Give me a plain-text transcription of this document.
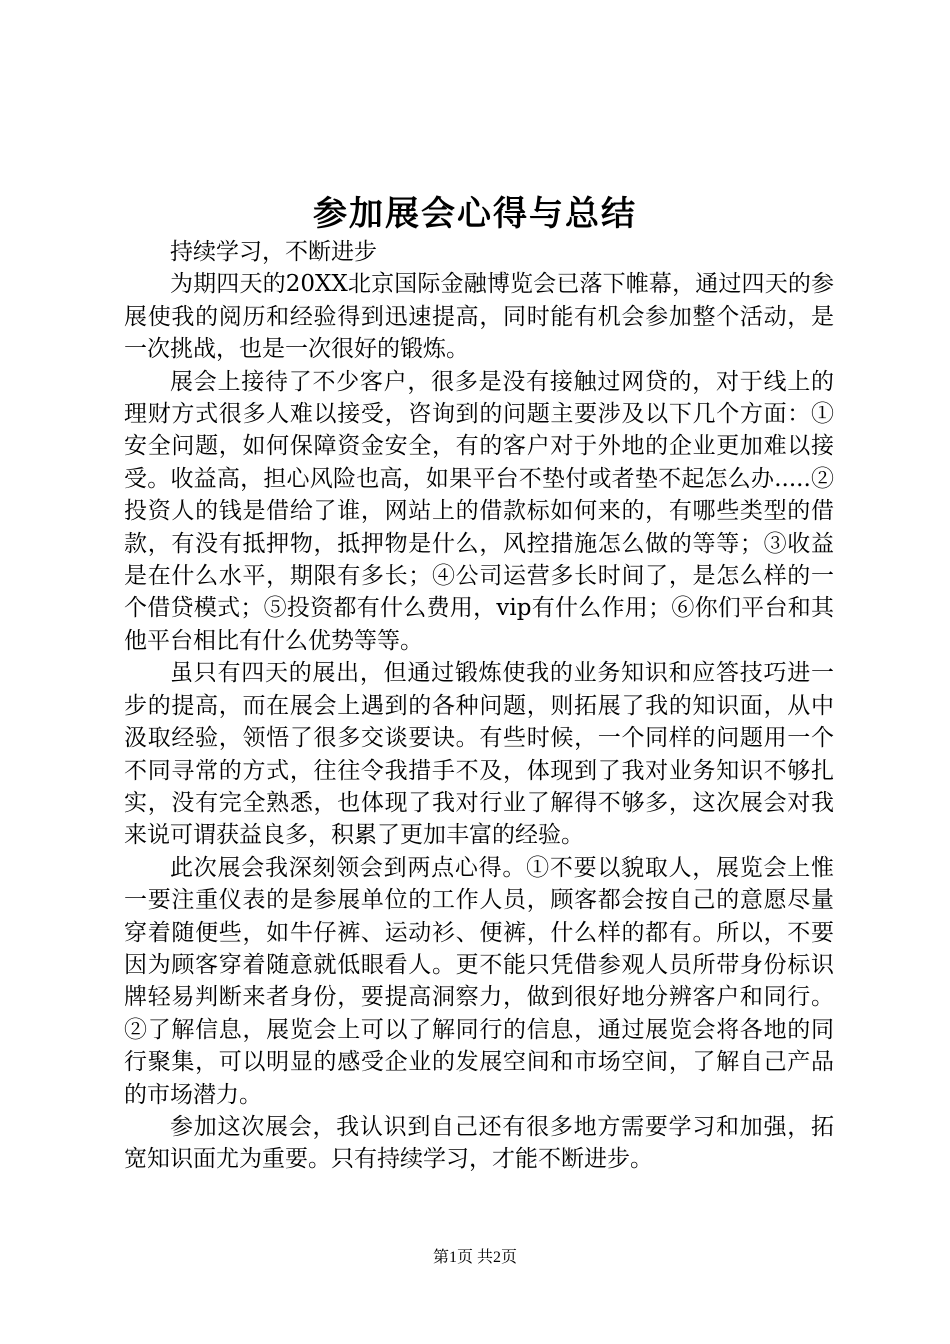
参加展会心得与总结

持续学习，不断进步

为期四天的20XX北京国际金融博览会已落下帷幕，通过四天的参展使我的阅历和经验得到迅速提高，同时能有机会参加整个活动，是一次挑战，也是一次很好的锻炼。

展会上接待了不少客户，很多是没有接触过网贷的，对于线上的理财方式很多人难以接受，咨询到的问题主要涉及以下几个方面：①安全问题，如何保障资金安全，有的客户对于外地的企业更加难以接受。收益高，担心风险也高，如果平台不垫付或者垫不起怎么办.....②投资人的钱是借给了谁，网站上的借款标如何来的，有哪些类型的借款，有没有抵押物，抵押物是什么，风控措施怎么做的等等；③收益是在什么水平，期限有多长；④公司运营多长时间了，是怎么样的一个借贷模式；⑤投资都有什么费用，vip有什么作用；⑥你们平台和其他平台相比有什么优势等等。

虽只有四天的展出，但通过锻炼使我的业务知识和应答技巧进一步的提高，而在展会上遇到的各种问题，则拓展了我的知识面，从中汲取经验，领悟了很多交谈要诀。有些时候，一个同样的问题用一个不同寻常的方式，往往令我措手不及，体现到了我对业务知识不够扎实，没有完全熟悉，也体现了我对行业了解得不够多，这次展会对我来说可谓获益良多，积累了更加丰富的经验。

此次展会我深刻领会到两点心得。①不要以貌取人，展览会上惟一要注重仪表的是参展单位的工作人员，顾客都会按自己的意愿尽量穿着随便些，如牛仔裤、运动衫、便裤，什么样的都有。所以，不要因为顾客穿着随意就低眼看人。更不能只凭借参观人员所带身份标识牌轻易判断来者身份，要提高洞察力，做到很好地分辨客户和同行。②了解信息，展览会上可以了解同行的信息，通过展览会将各地的同行聚集，可以明显的感受企业的发展空间和市场空间，了解自己产品的市场潜力。

参加这次展会，我认识到自己还有很多地方需要学习和加强，拓宽知识面尤为重要。只有持续学习，才能不断进步。

第1页 共2页
